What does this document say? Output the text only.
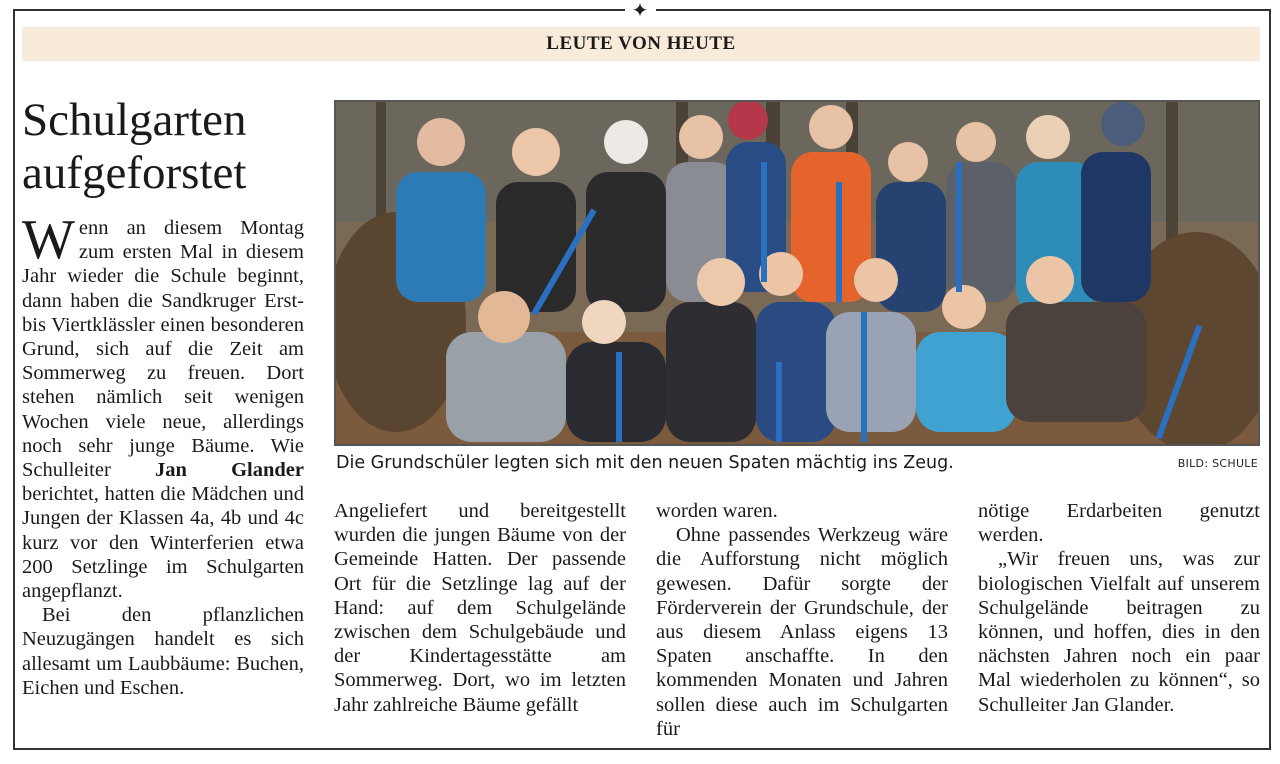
✦
LEUTE VON HEUTE
Schulgarten
aufgeforstet

Wenn an diesem Montag zum ersten Mal in diesem Jahr wieder die Schule beginnt, dann haben die Sandkruger Erst- bis Viertklässler einen besonderen Grund, sich auf die Zeit am Sommerweg zu freuen. Dort stehen nämlich seit wenigen Wochen viele neue, allerdings noch sehr junge Bäume. Wie Schulleiter Jan Glander berichtet, hatten die Mädchen und Jungen der Klassen 4a, 4b und 4c kurz vor den Winterferien etwa 200 Setzlinge im Schulgarten angepflanzt.

Bei den pflanzlichen Neuzugängen handelt es sich allesamt um Laubbäume: Buchen, Eichen und Eschen.

Die Grundschüler legten sich mit den neuen Spaten mächtig ins Zeug.	BILD: SCHULE

Angeliefert und bereitgestellt wurden die jungen Bäume von der Gemeinde Hatten. Der passende Ort für die Setzlinge lag auf der Hand: auf dem Schulgelände zwischen dem Schulgebäude und der Kindertagesstätte am Sommerweg. Dort, wo im letzten Jahr zahlreiche Bäume gefällt

worden waren.

Ohne passendes Werkzeug wäre die Aufforstung nicht möglich gewesen. Dafür sorgte der Förderverein der Grundschule, der aus diesem Anlass eigens 13 Spaten anschaffte. In den kommenden Monaten und Jahren sollen diese auch im Schulgarten für

nötige Erdarbeiten genutzt werden.

„Wir freuen uns, was zur biologischen Vielfalt auf unserem Schulgelände beitragen zu können, und hoffen, dies in den nächsten Jahren noch ein paar Mal wiederholen zu können“, so Schulleiter Jan Glander.
